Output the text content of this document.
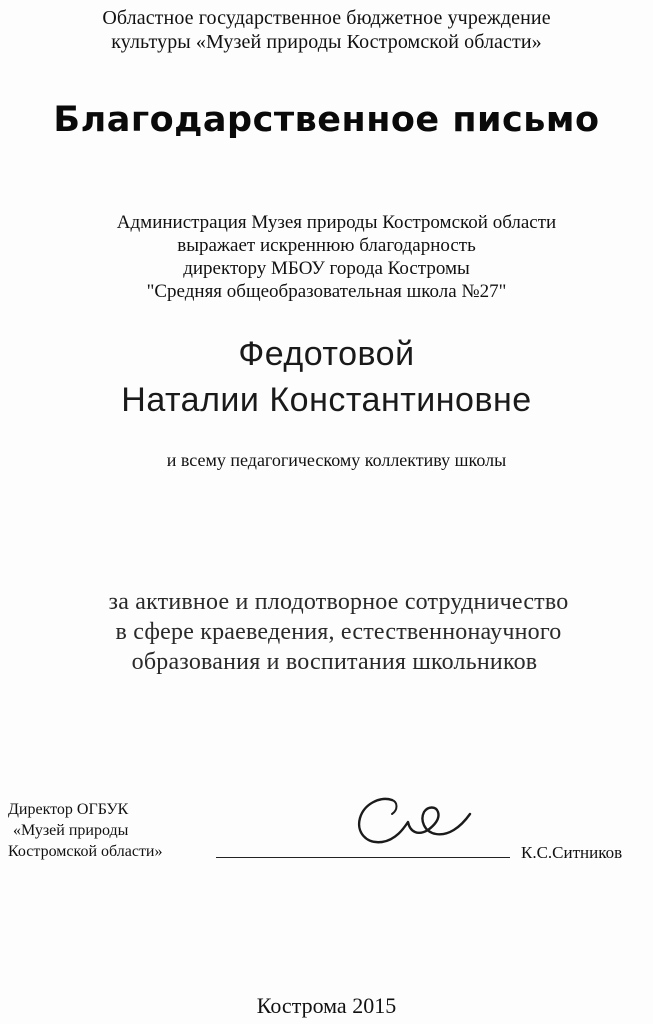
Областное государственное бюджетное учреждение
культуры «Музей природы Костромской области»
Благодарственное письмо
Администрация Музея природы Костромской области
выражает искреннюю благодарность
директору МБОУ города Костромы
"Средняя общеобразовательная школа №27"
Федотовой
Наталии Константиновне
и всему педагогическому коллективу школы
за активное и плодотворное сотрудничество
в сфере краеведения, естественнонаучного
образования и воспитания школьников
Директор ОГБУК
«Музей природы
Костромской области»	К.С.Ситников
Кострома 2015
